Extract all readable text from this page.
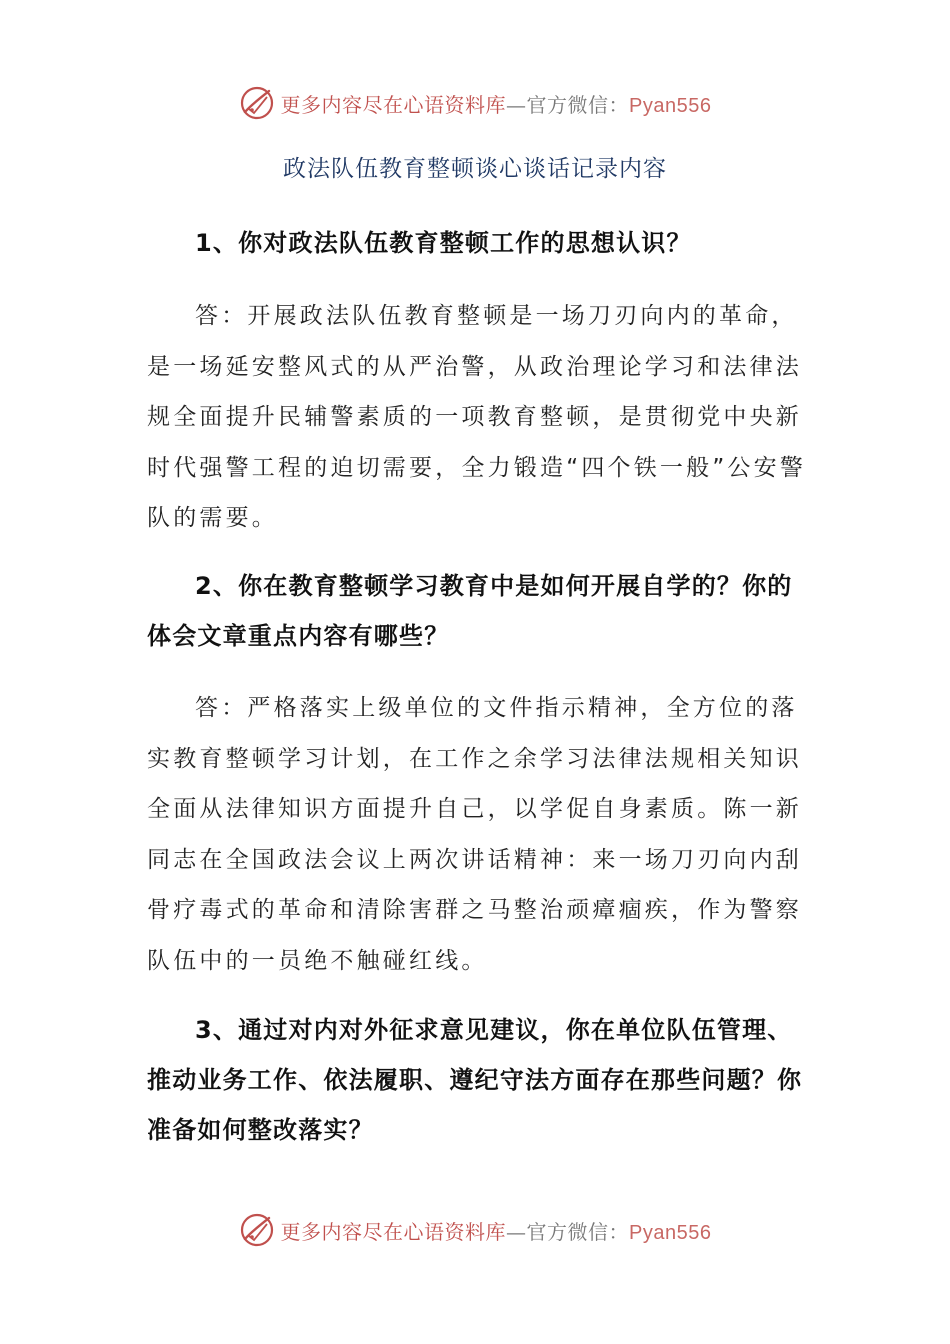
更多内容尽在心语资料库—官方微信：Pyan556
政法队伍教育整顿谈心谈话记录内容

1、你对政法队伍教育整顿工作的思想认识？

答：开展政法队伍教育整顿是一场刀刃向内的革命，是一场延安整风式的从严治警，从政治理论学习和法律法规全面提升民辅警素质的一项教育整顿，是贯彻党中央新时代强警工程的迫切需要，全力锻造“四个铁一般”公安警队的需要。

2、你在教育整顿学习教育中是如何开展自学的？你的体会文章重点内容有哪些？

答：严格落实上级单位的文件指示精神，全方位的落实教育整顿学习计划，在工作之余学习法律法规相关知识全面从法律知识方面提升自己，以学促自身素质。陈一新同志在全国政法会议上两次讲话精神：来一场刀刃向内刮骨疗毒式的革命和清除害群之马整治顽瘴痼疾，作为警察队伍中的一员绝不触碰红线。

3、通过对内对外征求意见建议，你在单位队伍管理、推动业务工作、依法履职、遵纪守法方面存在那些问题？你准备如何整改落实？

更多内容尽在心语资料库—官方微信：Pyan556
